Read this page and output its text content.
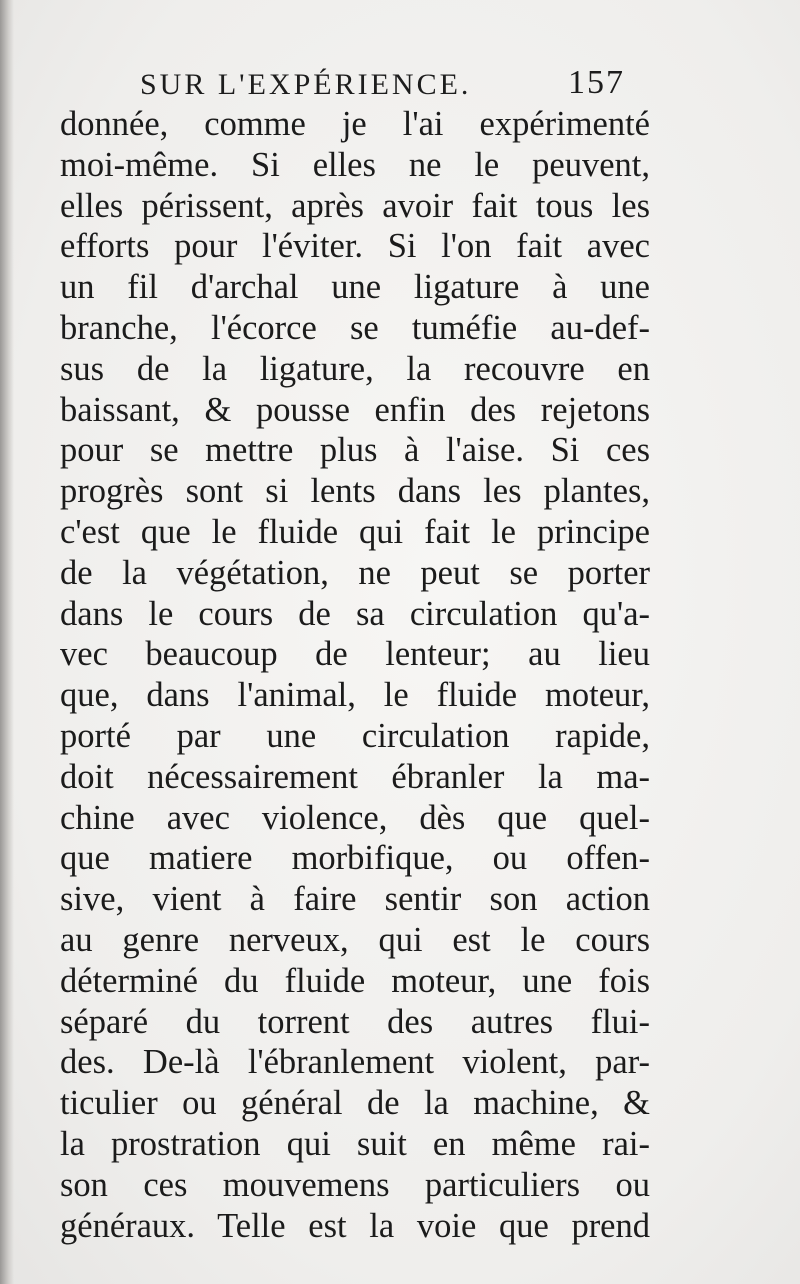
SUR L'EXPÉRIENCE.	157
donnée, comme je l'ai expérimenté
moi-même. Si elles ne le peuvent,
elles périssent, après avoir fait tous les
efforts pour l'éviter. Si l'on fait avec
un fil d'archal une ligature à une
branche, l'écorce se tuméfie au-def-
sus de la ligature, la recouvre en
baissant, & pousse enfin des rejetons
pour se mettre plus à l'aise. Si ces
progrès sont si lents dans les plantes,
c'est que le fluide qui fait le principe
de la végétation, ne peut se porter
dans le cours de sa circulation qu'a-
vec beaucoup de lenteur; au lieu
que, dans l'animal, le fluide moteur,
porté par une circulation rapide,
doit nécessairement ébranler la ma-
chine avec violence, dès que quel-
que matiere morbifique, ou offen-
sive, vient à faire sentir son action
au genre nerveux, qui est le cours
déterminé du fluide moteur, une fois
séparé du torrent des autres flui-
des. De-là l'ébranlement violent, par-
ticulier ou général de la machine, &
la prostration qui suit en même rai-
son ces mouvemens particuliers ou
généraux. Telle est la voie que prend
